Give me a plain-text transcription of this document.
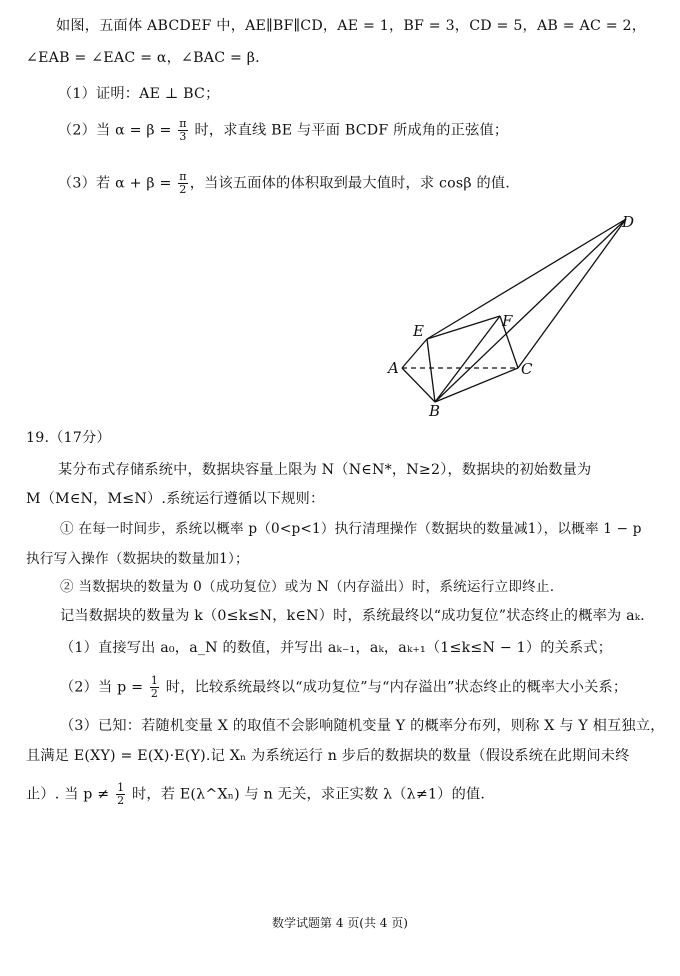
如图，五面体 ABCDEF 中，AE∥BF∥CD，AE = 1，BF = 3，CD = 5，AB = AC = 2，
∠EAB = ∠EAC = α，∠BAC = β.
（1）证明：AE ⊥ BC；
（2）当 $\alpha = \beta = \frac{\pi}{3}$ 时，求直线 BE 与平面 BCDF 所成角的正弦值；
（3）若 $\alpha + \beta = \frac{\pi}{2}$ ，当该五面体的体积取到最大值时，求 cosβ 的值.
D
E
F
A	C
B
19.（17分）
某分布式存储系统中，数据块容量上限为 N（N∈N*，N≥2），数据块的初始数量为
M（M∈N，M≤N）.系统运行遵循以下规则：
① 在每一时间步，系统以概率 p（0<p<1）执行清理操作（数据块的数量减1），以概率 1 − p
执行写入操作（数据块的数量加1）；
② 当数据块的数量为 0（成功复位）或为 N（内存溢出）时，系统运行立即终止.
记当数据块的数量为 k（0≤k≤N，k∈N）时，系统最终以“成功复位”状态终止的概率为 aₖ.
（1）直接写出 a₀，a_N 的数值，并写出 aₖ₋₁，aₖ，aₖ₊₁（1≤k≤N − 1）的关系式；
（2）当 $p = \frac{1}{2}$ 时，比较系统最终以“成功复位”与“内存溢出”状态终止的概率大小关系；
（3）已知：若随机变量 X 的取值不会影响随机变量 Y 的概率分布列，则称 X 与 Y 相互独立，
且满足 E(XY) = E(X)·E(Y).记 Xₙ 为系统运行 n 步后的数据块的数量（假设系统在此期间未终
止）. 当 $p \ne \frac{1}{2}$ 时，若 E(λ^Xₙ) 与 n 无关，求正实数 λ（λ≠1）的值.
数学试题第 4 页(共 4 页)
